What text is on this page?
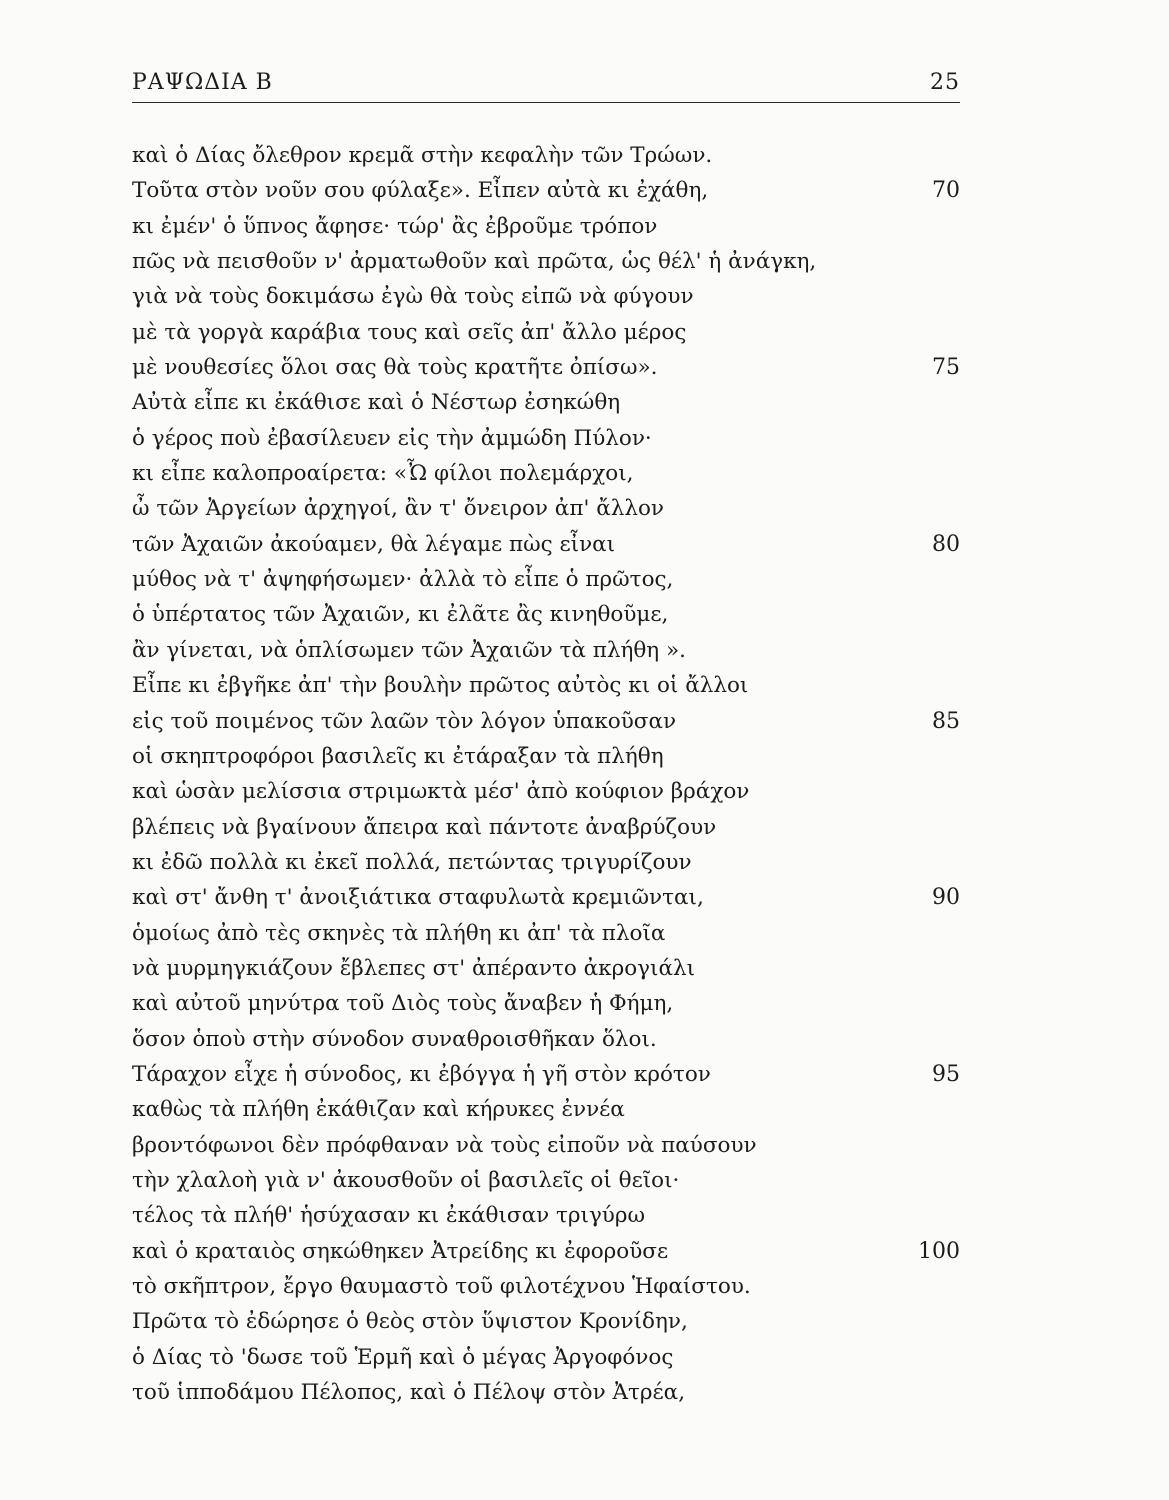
ΡΑΨΩΔΙΑ Β	25
καὶ ὁ Δίας ὄλεθρον κρεμᾶ στὴν κεφαλὴν τῶν Τρώων.
Τοῦτα στὸν νοῦν σου φύλαξε». Εἶπεν αὐτὰ κι ἐχάθη,	70
κι ἐμέν' ὁ ὕπνος ἄφησε· τώρ' ἂς ἐβροῦμε τρόπον
πῶς νὰ πεισθοῦν ν' ἀρματωθοῦν καὶ πρῶτα, ὡς θέλ' ἡ ἀνάγκη,
γιὰ νὰ τοὺς δοκιμάσω ἐγὼ θὰ τοὺς εἰπῶ νὰ φύγουν
μὲ τὰ γοργὰ καράβια τους καὶ σεῖς ἀπ' ἄλλο μέρος
μὲ νουθεσίες ὅλοι σας θὰ τοὺς κρατῆτε ὀπίσω».	75
Αὐτὰ εἶπε κι ἐκάθισε καὶ ὁ Νέστωρ ἐσηκώθη
ὁ γέρος ποὺ ἐβασίλευεν εἰς τὴν ἀμμώδη Πύλον·
κι εἶπε καλοπροαίρετα: «Ὦ φίλοι πολεμάρχοι,
ὦ τῶν Ἀργείων ἀρχηγοί, ἂν τ' ὄνειρον ἀπ' ἄλλον
τῶν Ἀχαιῶν ἀκούαμεν, θὰ λέγαμε πὼς εἶναι	80
μύθος νὰ τ' ἀψηφήσωμεν· ἀλλὰ τὸ εἶπε ὁ πρῶτος,
ὁ ὑπέρτατος τῶν Ἀχαιῶν, κι ἐλᾶτε ἂς κινηθοῦμε,
ἂν γίνεται, νὰ ὁπλίσωμεν τῶν Ἀχαιῶν τὰ πλήθη ».
Εἶπε κι ἐβγῆκε ἀπ' τὴν βουλὴν πρῶτος αὐτὸς κι οἱ ἄλλοι
εἰς τοῦ ποιμένος τῶν λαῶν τὸν λόγον ὑπακοῦσαν	85
οἱ σκηπτροφόροι βασιλεῖς κι ἐτάραξαν τὰ πλήθη
καὶ ὡσὰν μελίσσια στριμωκτὰ μέσ' ἀπὸ κούφιον βράχον
βλέπεις νὰ βγαίνουν ἄπειρα καὶ πάντοτε ἀναβρύζουν
κι ἐδῶ πολλὰ κι ἐκεῖ πολλά, πετώντας τριγυρίζουν
καὶ στ' ἄνθη τ' ἀνοιξιάτικα σταφυλωτὰ κρεμιῶνται,	90
ὁμοίως ἀπὸ τὲς σκηνὲς τὰ πλήθη κι ἀπ' τὰ πλοῖα
νὰ μυρμηγκιάζουν ἔβλεπες στ' ἀπέραντο ἀκρογιάλι
καὶ αὐτοῦ μηνύτρα τοῦ Διὸς τοὺς ἄναβεν ἡ Φήμη,
ὅσον ὁποὺ στὴν σύνοδον συναθροισθῆκαν ὅλοι.
Τάραχον εἶχε ἡ σύνοδος, κι ἐβόγγα ἡ γῆ στὸν κρότον	95
καθὼς τὰ πλήθη ἐκάθιζαν καὶ κήρυκες ἐννέα
βροντόφωνοι δὲν πρόφθαναν νὰ τοὺς εἰποῦν νὰ παύσουν
τὴν χλαλοὴ γιὰ ν' ἀκουσθοῦν οἱ βασιλεῖς οἱ θεῖοι·
τέλος τὰ πλήθ' ἡσύχασαν κι ἐκάθισαν τριγύρω
καὶ ὁ κραταιὸς σηκώθηκεν Ἀτρείδης κι ἐφοροῦσε	100
τὸ σκῆπτρον, ἔργο θαυμαστὸ τοῦ φιλοτέχνου Ἡφαίστου.
Πρῶτα τὸ ἐδώρησε ὁ θεὸς στὸν ὕψιστον Κρονίδην,
ὁ Δίας τὸ 'δωσε τοῦ Ἑρμῆ καὶ ὁ μέγας Ἀργοφόνος
τοῦ ἱπποδάμου Πέλοπος, καὶ ὁ Πέλοψ στὸν Ἀτρέα,
